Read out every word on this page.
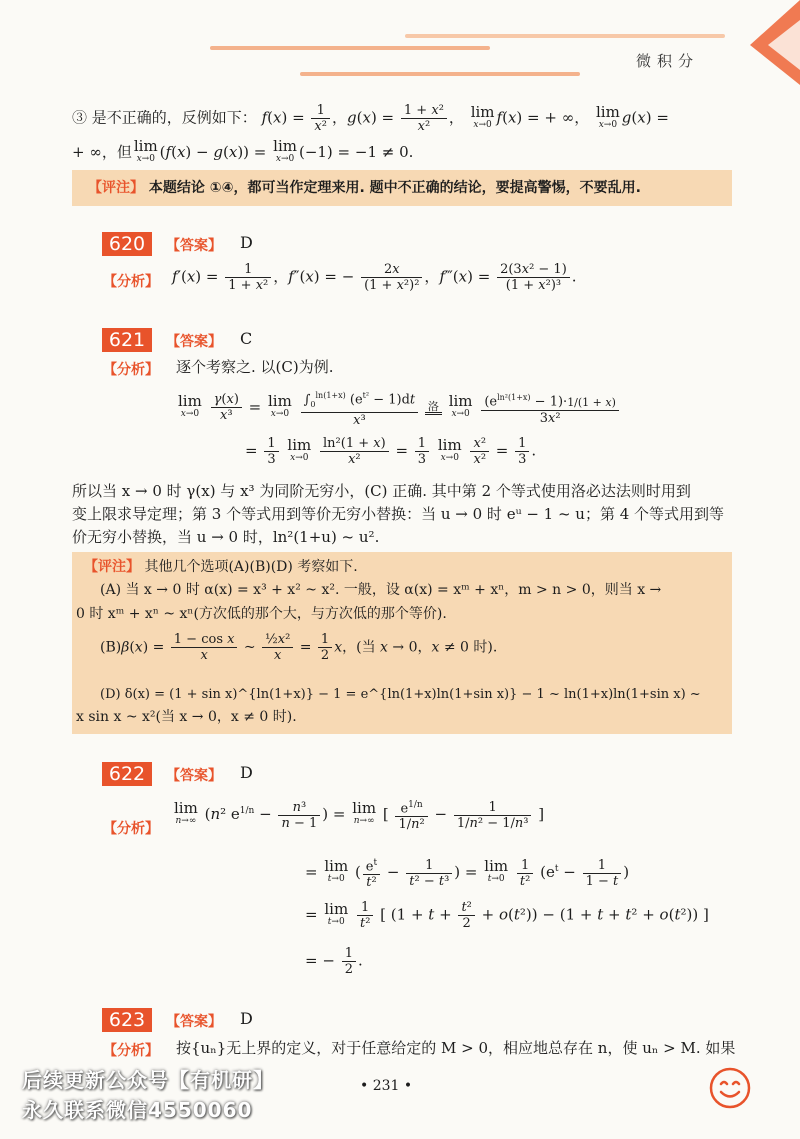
微积分
③ 是不正确的，反例如下： $f(x) = \frac{1}{\text{x²}}$ ，$g(x) = \frac{\text{1 + x²}}{\text{x²}}$ ， lim
x→0 f(x) = + ∞， lim
x→0 g(x) =
+ ∞，但 lim
x→0 (f(x) − g(x)) = lim
x→0 (−1) = −1 ≠ 0.
【评注】 本题结论 ①④，都可当作定理来用. 题中不正确的结论，要提高警惕，不要乱用.
620	【答案】 D
【分析】 $f'(x) = \frac{1}{\text{1 + x²}}$ ，f″(x) = − $\frac{2x}{\text{(1 + x²)²}}$ ，f‴(x) = $\frac{\text{2(3x² − 1)}}{\text{(1 + x²)³}}$ .
621	【答案】 C
【分析】 逐个考察之. 以(C)为例.
lim
x→0
$\frac{\gamma(x)}{\text{x³}} = \lim$
x→0
$\frac{\int_0^{ln(1+x)} (e^{t^2} - 1)dt}{\text{x³}}$ 洛 lim
x→0
$\frac{(e^{ln^2(1+x)} - 1)\cdot 1/(1 + x)}{\text{3x²}}$
= $\frac{1}{3}$
lim
x→0
$\frac{\text{ln²(1 + x)}}{\text{x²}} = \frac{1}{3}$
lim
x→0
$\frac{\text{x²}}{\text{x²}} = \frac{1}{3}$ .
所以当 x → 0 时 γ(x) 与 x³ 为同阶无穷小，(C) 正确. 其中第 2 个等式使用洛必达法则时用到
变上限求导定理；第 3 个等式用到等价无穷小替换：当 u → 0 时 eᵘ − 1 ~ u；第 4 个等式用到等
价无穷小替换，当 u → 0 时，ln²(1+u) ~ u².
【评注】 其他几个选项(A)(B)(D) 考察如下.
(A) 当 x → 0 时 α(x) = x³ + x² ~ x². 一般，设 α(x) = xᵐ + xⁿ，m > n > 0，则当 x →
0 时 xᵐ + xⁿ ~ xⁿ(方次低的那个大，与方次低的那个等价).
$(B)\beta(x) = \frac{\text{1 − cos x}}{x}$ ~ $\frac{\text{½x²}}{x} = \frac{1}{2}$ x，(当 x → 0，x ≠ 0 时).
(D) δ(x) = (1 + sin x)^{ln(1+x)} − 1 = e^{ln(1+x)ln(1+sin x)} − 1 ~ ln(1+x)ln(1+sin x) ~
x sin x ~ x²(当 x → 0，x ≠ 0 时).
622	【答案】 D
【分析】
lim
n→∞ (n² $e^{1/n} - \frac{\text{n³}}{n - 1}$ ) = lim
n→∞ [ $\frac{e^{1/n}}{\text{1/n²}} - \frac{1}{\text{1/n² − 1/n³}}$ ]
= lim
t→0 ( $\frac{e^t}{\text{t²}} - \frac{1}{\text{t² − t³}}$ ) = lim
t→0
$\frac{1}{\text{t²}} (e^t - \frac{1}{1 - t}$ )
= lim
t→0
$\frac{1}{\text{t²}}$ [ $(1 + t + \frac{\text{t²}}{2} + o(t^2)) - (1 + t + t^2 + o(t^2))$ ]
= − $\frac{1}{2}$ .
623	【答案】 D
【分析】 按{uₙ}无上界的定义，对于任意给定的 M > 0，相应地总存在 n，使 uₙ > M. 如果
• 231 •
后续更新公众号【有机研】
永久联系微信4550060
